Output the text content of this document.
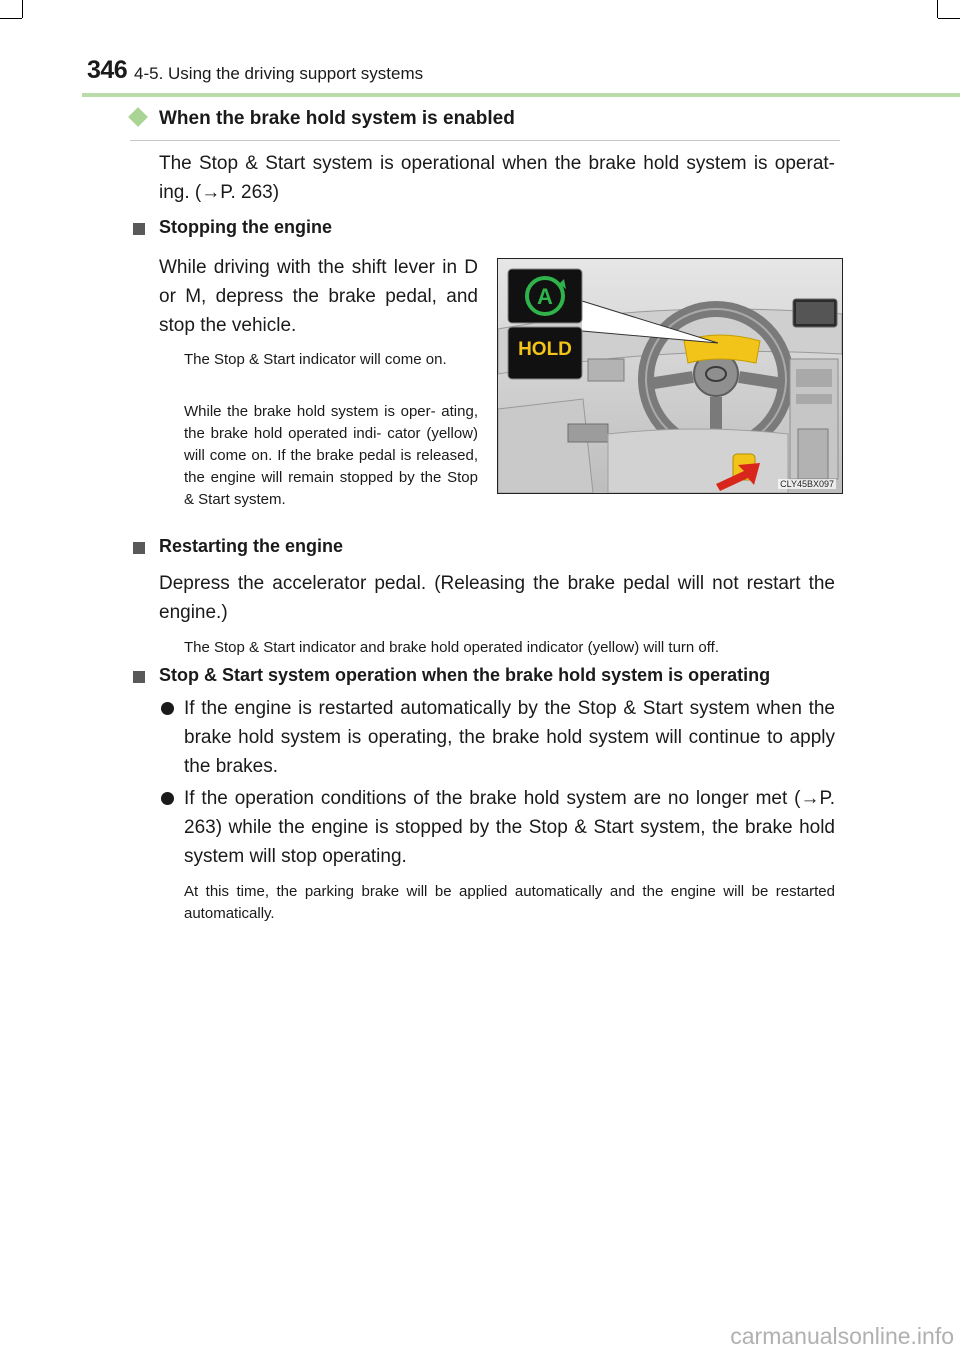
346 4-5. Using the driving support systems
When the brake hold system is enabled
The Stop & Start system is operational when the brake hold system is operat- ing. (→P. 263)
Stopping the engine
While driving with the shift lever in D or M, depress the brake pedal, and stop the vehicle.
The Stop & Start indicator will come on.
While the brake hold system is oper- ating, the brake hold operated indi- cator (yellow) will come on. If the brake pedal is released, the engine will remain stopped by the Stop & Start system.
A
HOLD
CLY45BX097
Restarting the engine
Depress the accelerator pedal. (Releasing the brake pedal will not restart the engine.)
The Stop & Start indicator and brake hold operated indicator (yellow) will turn off.
Stop & Start system operation when the brake hold system is operating
If the engine is restarted automatically by the Stop & Start system when the brake hold system is operating, the brake hold system will continue to apply the brakes.
If the operation conditions of the brake hold system are no longer met (→P. 263) while the engine is stopped by the Stop & Start system, the brake hold system will stop operating.
At this time, the parking brake will be applied automatically and the engine will be restarted automatically.
carmanualsonline.info
